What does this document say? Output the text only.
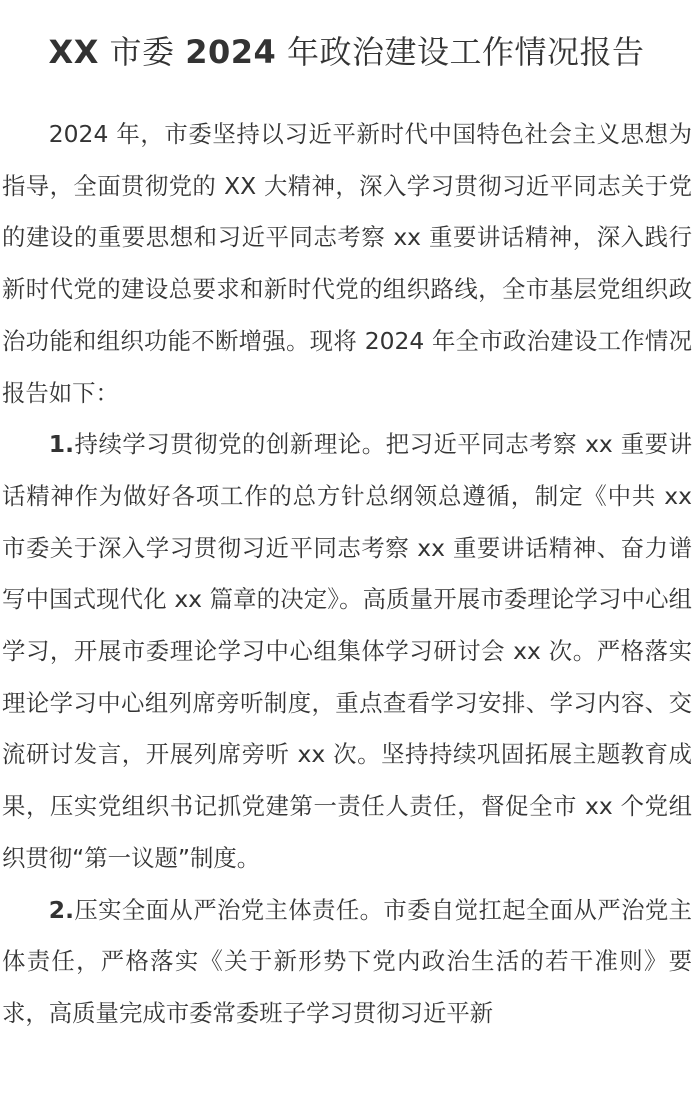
XX 市委 2024 年政治建设工作情况报告

2024 年，市委坚持以习近平新时代中国特色社会主义思想为指导，全面贯彻党的 XX 大精神，深入学习贯彻习近平同志关于党的建设的重要思想和习近平同志考察 xx 重要讲话精神，深入践行新时代党的建设总要求和新时代党的组织路线，全市基层党组织政治功能和组织功能不断增强。现将 2024 年全市政治建设工作情况报告如下：

1.持续学习贯彻党的创新理论。把习近平同志考察 xx 重要讲话精神作为做好各项工作的总方针总纲领总遵循，制定《中共 xx 市委关于深入学习贯彻习近平同志考察 xx 重要讲话精神、奋力谱写中国式现代化 xx 篇章的决定》。高质量开展市委理论学习中心组学习，开展市委理论学习中心组集体学习研讨会 xx 次。严格落实理论学习中心组列席旁听制度，重点查看学习安排、学习内容、交流研讨发言，开展列席旁听 xx 次。坚持持续巩固拓展主题教育成果，压实党组织书记抓党建第一责任人责任，督促全市 xx 个党组织贯彻“第一议题”制度。

2.压实全面从严治党主体责任。市委自觉扛起全面从严治党主体责任，严格落实《关于新形势下党内政治生活的若干准则》要求，高质量完成市委常委班子学习贯彻习近平新
